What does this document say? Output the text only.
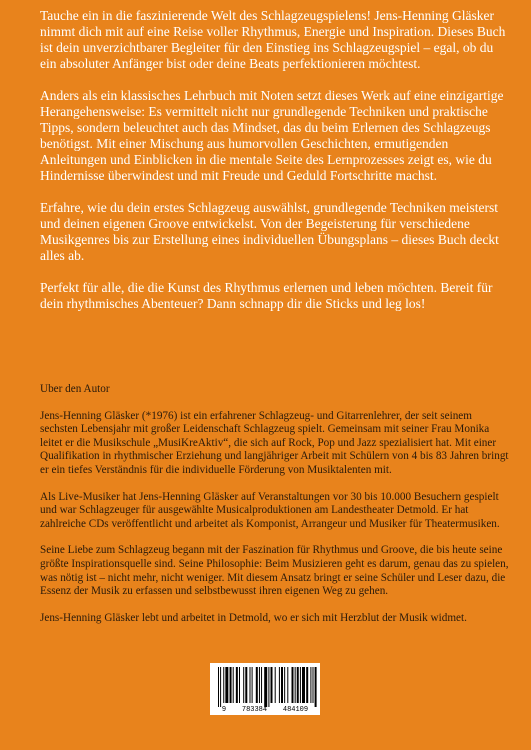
Tauche ein in die faszinierende Welt des Schlagzeugspielens! Jens-Henning Gläsker nimmt dich mit auf eine Reise voller Rhythmus, Energie und Inspiration. Dieses Buch ist dein unverzichtbarer Begleiter für den Einstieg ins Schlagzeugspiel – egal, ob du ein absoluter Anfänger bist oder deine Beats perfektionieren möchtest.

Anders als ein klassisches Lehrbuch mit Noten setzt dieses Werk auf eine einzigartige Herangehensweise: Es vermittelt nicht nur grundlegende Techniken und praktische Tipps, sondern beleuchtet auch das Mindset, das du beim Erlernen des Schlagzeugs benötigst. Mit einer Mischung aus humorvollen Geschichten, ermutigenden Anleitungen und Einblicken in die mentale Seite des Lernprozesses zeigt es, wie du Hindernisse überwindest und mit Freude und Geduld Fortschritte machst.

Erfahre, wie du dein erstes Schlagzeug auswählst, grundlegende Techniken meisterst und deinen eigenen Groove entwickelst. Von der Begeisterung für verschiedene Musikgenres bis zur Erstellung eines individuellen Übungsplans – dieses Buch deckt alles ab.

Perfekt für alle, die die Kunst des Rhythmus erlernen und leben möchten. Bereit für dein rhythmisches Abenteuer? Dann schnapp dir die Sticks und leg los!

Uber den Autor

Jens-Henning Gläsker (*1976) ist ein erfahrener Schlagzeug- und Gitarrenlehrer, der seit seinem sechsten Lebensjahr mit großer Leidenschaft Schlagzeug spielt. Gemeinsam mit seiner Frau Monika leitet er die Musikschule „MusiKreAktiv“, die sich auf Rock, Pop und Jazz spezialisiert hat. Mit einer Qualifikation in rhythmischer Erziehung und langjähriger Arbeit mit Schülern von 4 bis 83 Jahren bringt er ein tiefes Verständnis für die individuelle Förderung von Musiktalenten mit.

Als Live-Musiker hat Jens-Henning Gläsker auf Veranstaltungen vor 30 bis 10.000 Besuchern gespielt und war Schlagzeuger für ausgewählte Musicalproduktionen am Landestheater Detmold. Er hat zahlreiche CDs veröffentlicht und arbeitet als Komponist, Arrangeur und Musiker für Theatermusiken.

Seine Liebe zum Schlagzeug begann mit der Faszination für Rhythmus und Groove, die bis heute seine größte Inspirationsquelle sind. Seine Philosophie: Beim Musizieren geht es darum, genau das zu spielen, was nötig ist – nicht mehr, nicht weniger. Mit diesem Ansatz bringt er seine Schüler und Leser dazu, die Essenz der Musik zu erfassen und selbstbewusst ihren eigenen Weg zu gehen.

Jens-Henning Gläsker lebt und arbeitet in Detmold, wo er sich mit Herzblut der Musik widmet.

9 783384 484109
